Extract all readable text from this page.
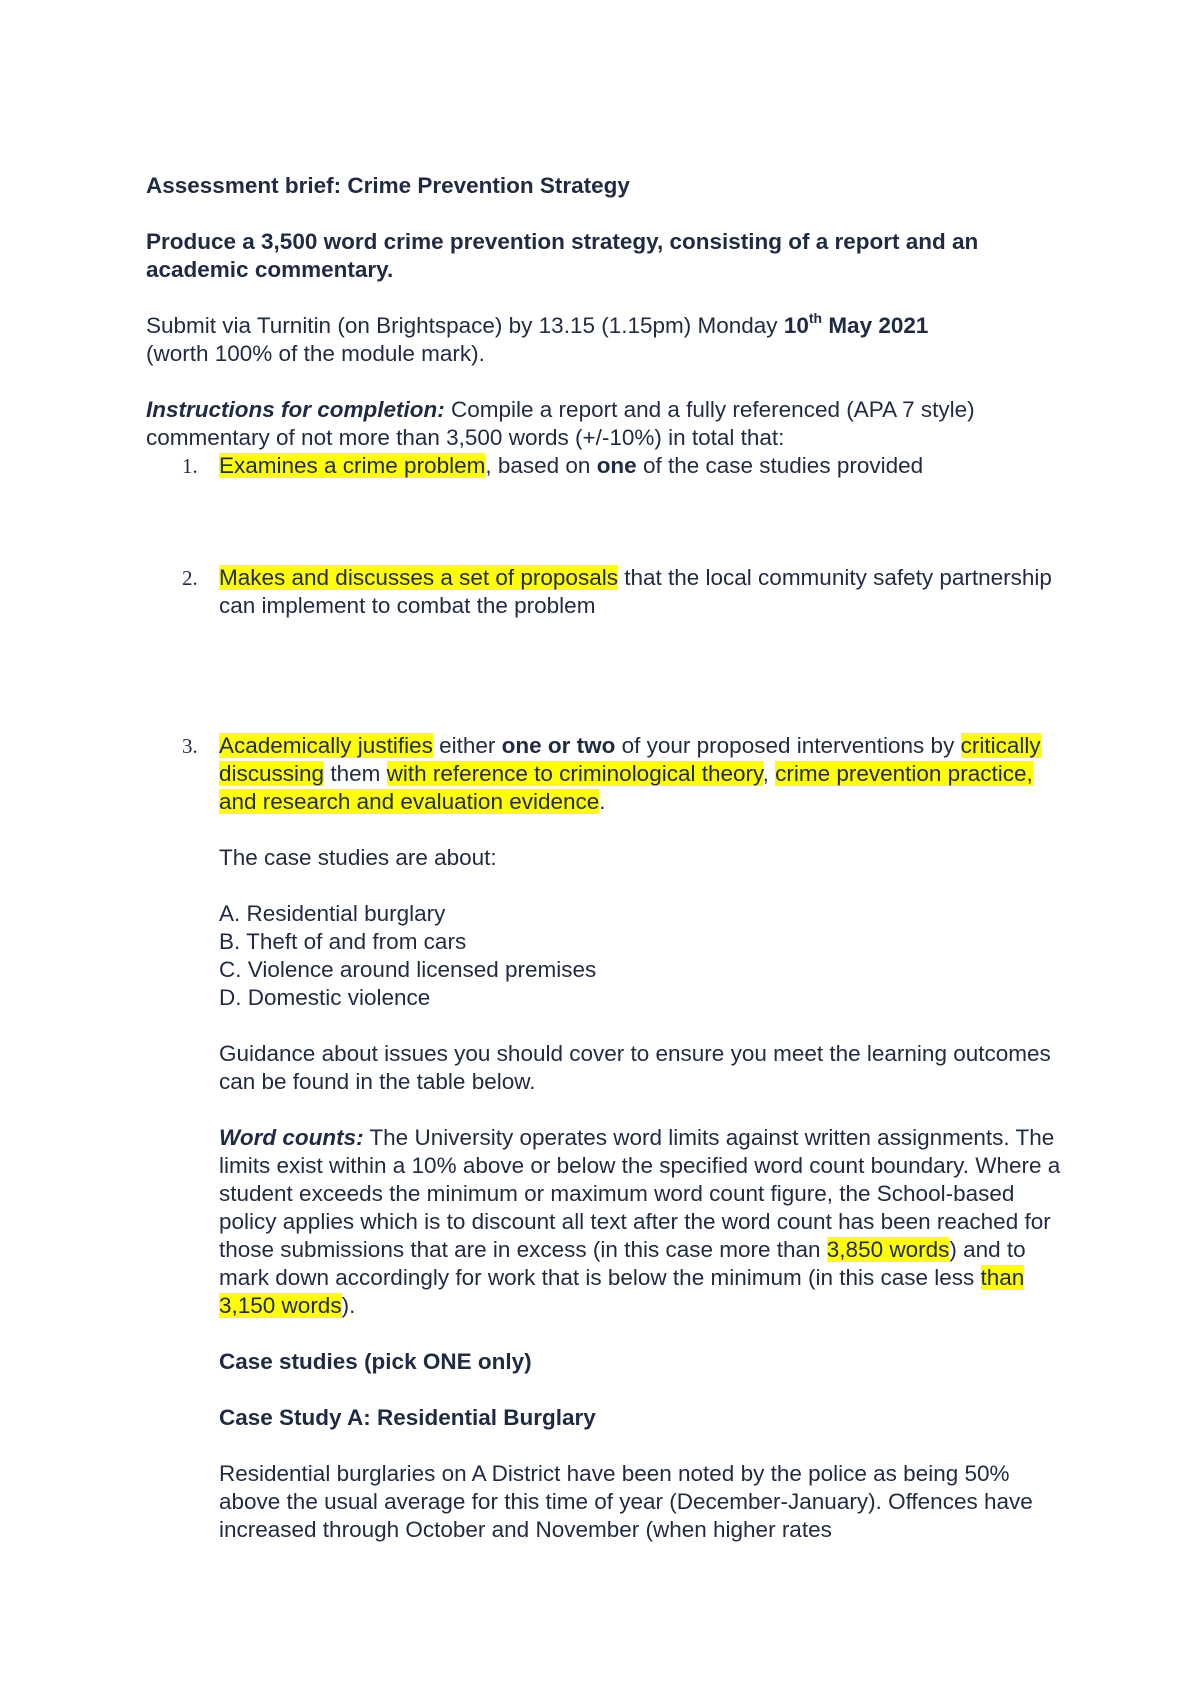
Assessment brief: Crime Prevention Strategy

Produce a 3,500 word crime prevention strategy, consisting of a report and an academic commentary.

Submit via Turnitin (on Brightspace) by 13.15 (1.15pm) Monday 10th May 2021
(worth 100% of the module mark).

Instructions for completion: Compile a report and a fully referenced (APA 7 style) commentary of not more than 3,500 words (+/-10%) in total that:

1. Examines a crime problem, based on one of the case studies provided
2. Makes and discusses a set of proposals that the local community safety partnership can implement to combat the problem
3. Academically justifies either one or two of your proposed interventions by critically discussing them with reference to criminological theory, crime prevention practice, and research and evaluation evidence.

The case studies are about:

A. Residential burglary
B. Theft of and from cars
C. Violence around licensed premises
D. Domestic violence

Guidance about issues you should cover to ensure you meet the learning outcomes can be found in the table below.

Word counts: The University operates word limits against written assignments. The limits exist within a 10% above or below the specified word count boundary. Where a student exceeds the minimum or maximum word count figure, the School-based policy applies which is to discount all text after the word count has been reached for those submissions that are in excess (in this case more than 3,850 words) and to mark down accordingly for work that is below the minimum (in this case less than 3,150 words).

Case studies (pick ONE only)

Case Study A: Residential Burglary

Residential burglaries on A District have been noted by the police as being 50% above the usual average for this time of year (December-January). Offences have increased through October and November (when higher rates
